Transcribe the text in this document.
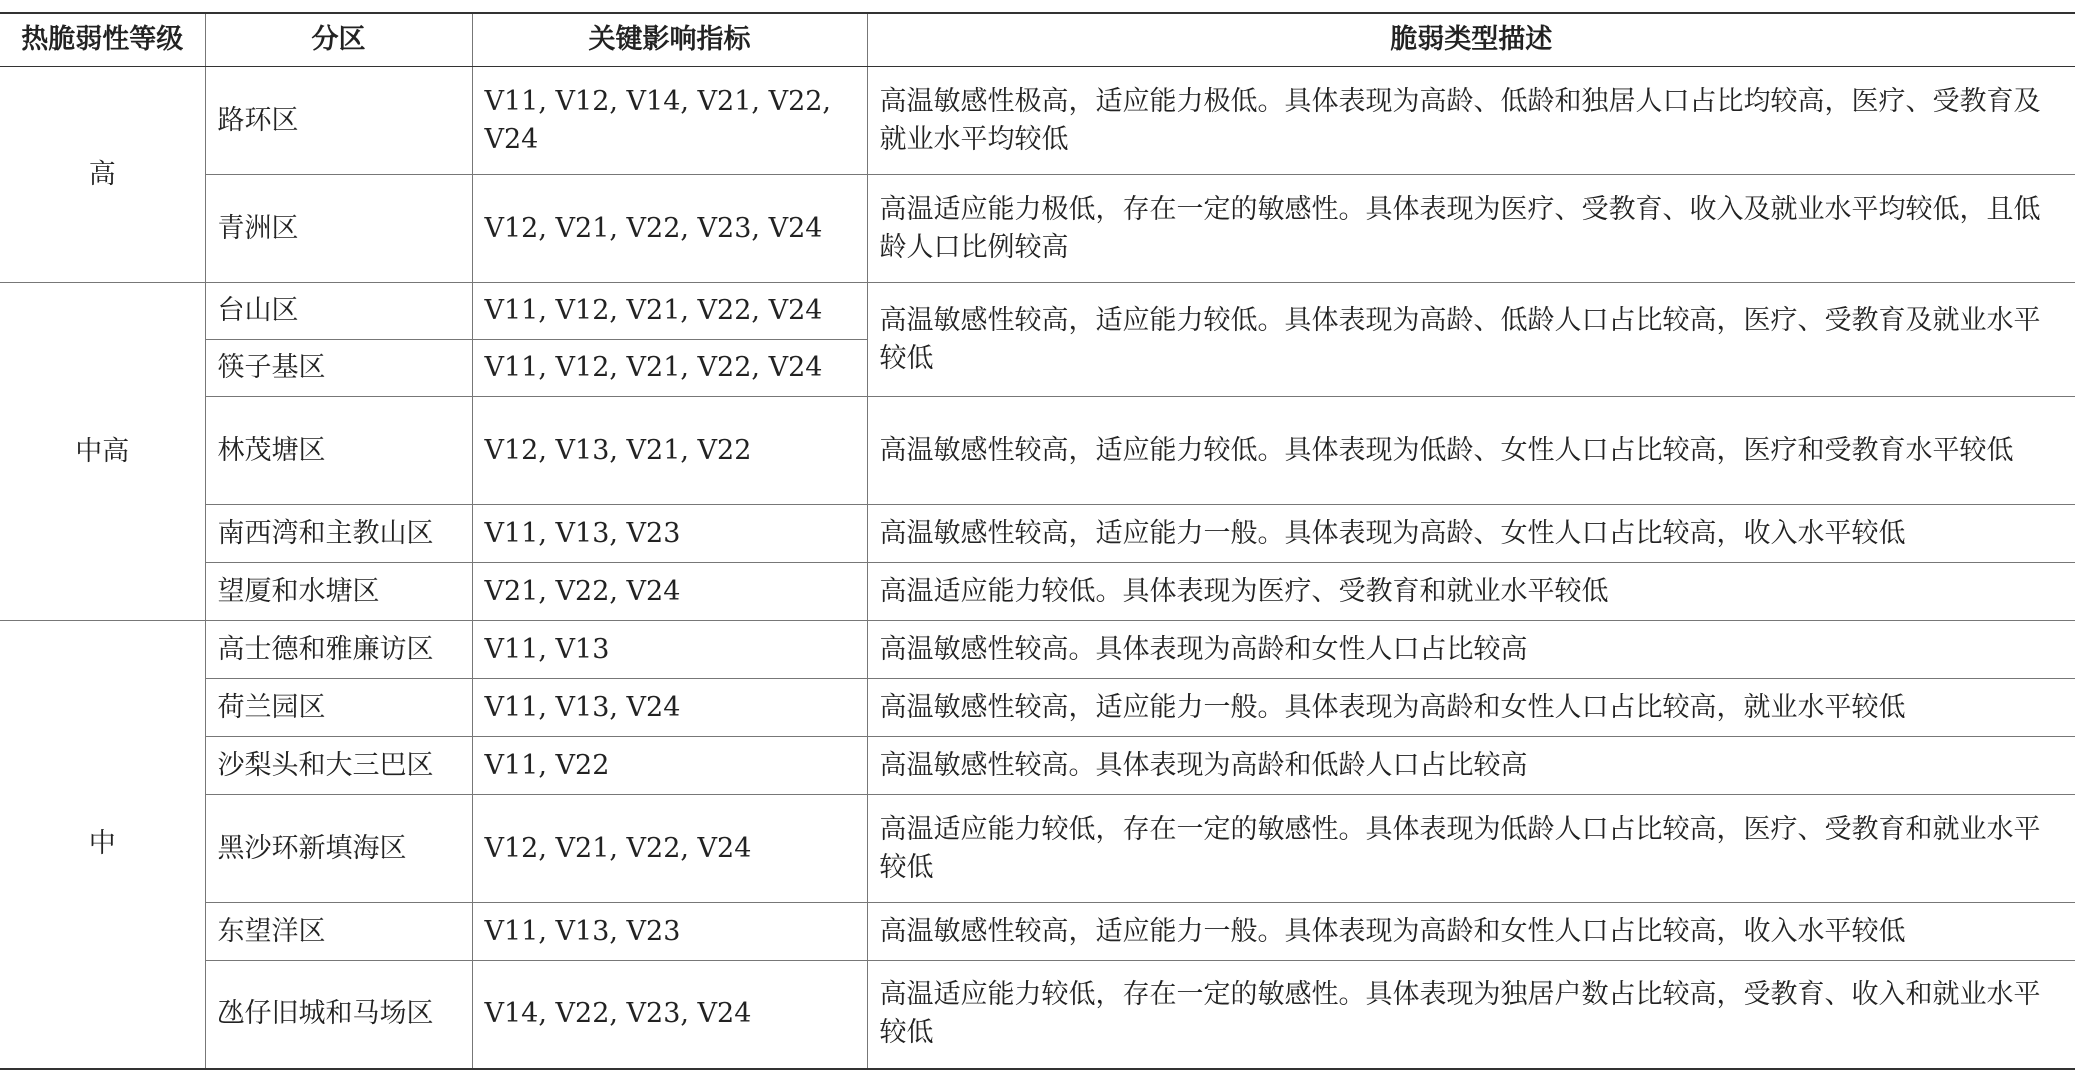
热脆弱性等级	分区	关键影响指标	脆弱类型描述
高	路环区	V11, V12, V14, V21, V22, V24	高温敏感性极高，适应能力极低。具体表现为高龄、低龄和独居人口占比均较高，医疗、受教育及就业水平均较低
	青洲区	V12, V21, V22, V23, V24	高温适应能力极低，存在一定的敏感性。具体表现为医疗、受教育、收入及就业水平均较低，且低龄人口比例较高
中高	台山区	V11, V12, V21, V22, V24	高温敏感性较高，适应能力较低。具体表现为高龄、低龄人口占比较高，医疗、受教育及就业水平较低
	筷子基区	V11, V12, V21, V22, V24	
	林茂塘区	V12, V13, V21, V22	高温敏感性较高，适应能力较低。具体表现为低龄、女性人口占比较高，医疗和受教育水平较低
	南西湾和主教山区	V11, V13, V23	高温敏感性较高，适应能力一般。具体表现为高龄、女性人口占比较高，收入水平较低
	望厦和水塘区	V21, V22, V24	高温适应能力较低。具体表现为医疗、受教育和就业水平较低
中	高士德和雅廉访区	V11, V13	高温敏感性较高。具体表现为高龄和女性人口占比较高
	荷兰园区	V11, V13, V24	高温敏感性较高，适应能力一般。具体表现为高龄和女性人口占比较高，就业水平较低
	沙梨头和大三巴区	V11, V22	高温敏感性较高。具体表现为高龄和低龄人口占比较高
	黑沙环新填海区	V12, V21, V22, V24	高温适应能力较低，存在一定的敏感性。具体表现为低龄人口占比较高，医疗、受教育和就业水平较低
	东望洋区	V11, V13, V23	高温敏感性较高，适应能力一般。具体表现为高龄和女性人口占比较高，收入水平较低
	氹仔旧城和马场区	V14, V22, V23, V24	高温适应能力较低，存在一定的敏感性。具体表现为独居户数占比较高，受教育、收入和就业水平较低
